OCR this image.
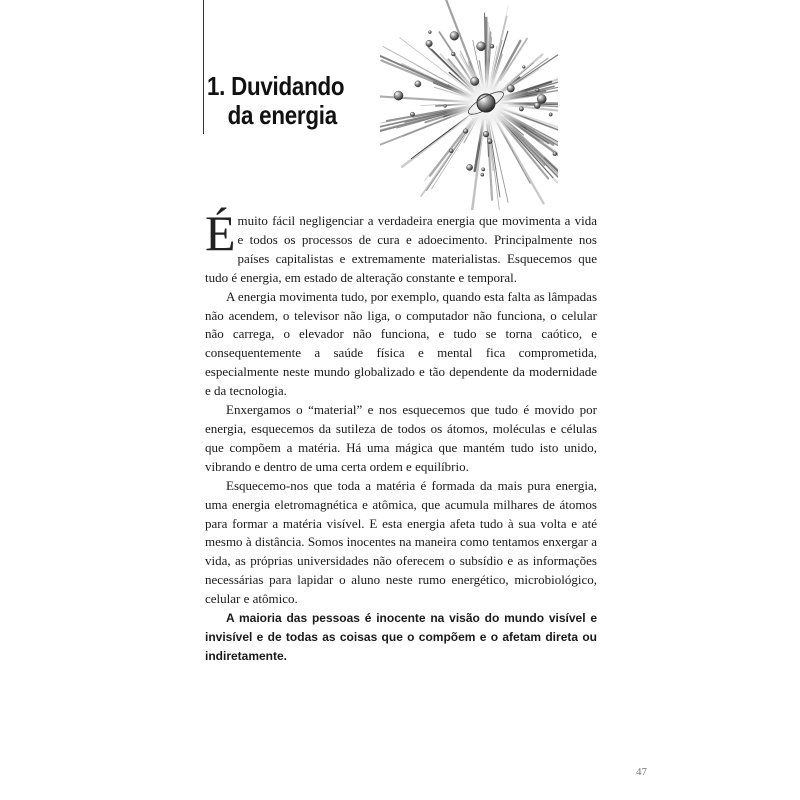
1. Duvidando
da energia

Émuito fácil negligenciar a verdadeira energia que movimenta a vida e todos os processos de cura e adoecimento. Principalmente nos países capitalistas e extremamente materialistas. Esquecemos que tudo é energia, em estado de alteração constante e temporal.

A energia movimenta tudo, por exemplo, quando esta falta as lâmpadas não acendem, o televisor não liga, o computador não funciona, o celular não carrega, o elevador não funciona, e tudo se torna caótico, e consequentemente a saúde física e mental fica comprometida, especialmente neste mundo globalizado e tão dependente da modernidade e da tecnologia.

Enxergamos o “material” e nos esquecemos que tudo é movido por energia, esquecemos da sutileza de todos os átomos, moléculas e células que compõem a matéria. Há uma mágica que mantém tudo isto unido, vibrando e dentro de uma certa ordem e equilíbrio.

Esquecemo-nos que toda a matéria é formada da mais pura energia, uma energia eletromagnética e atômica, que acumula milhares de átomos para formar a matéria visível. E esta energia afeta tudo à sua volta e até mesmo à distância. Somos inocentes na maneira como tentamos enxergar a vida, as próprias universidades não oferecem o subsídio e as informações necessárias para lapidar o aluno neste rumo energético, microbiológico, celular e atômico.

A maioria das pessoas é inocente na visão do mundo visível e invisível e de todas as coisas que o compõem e o afetam direta ou indiretamente.

47
